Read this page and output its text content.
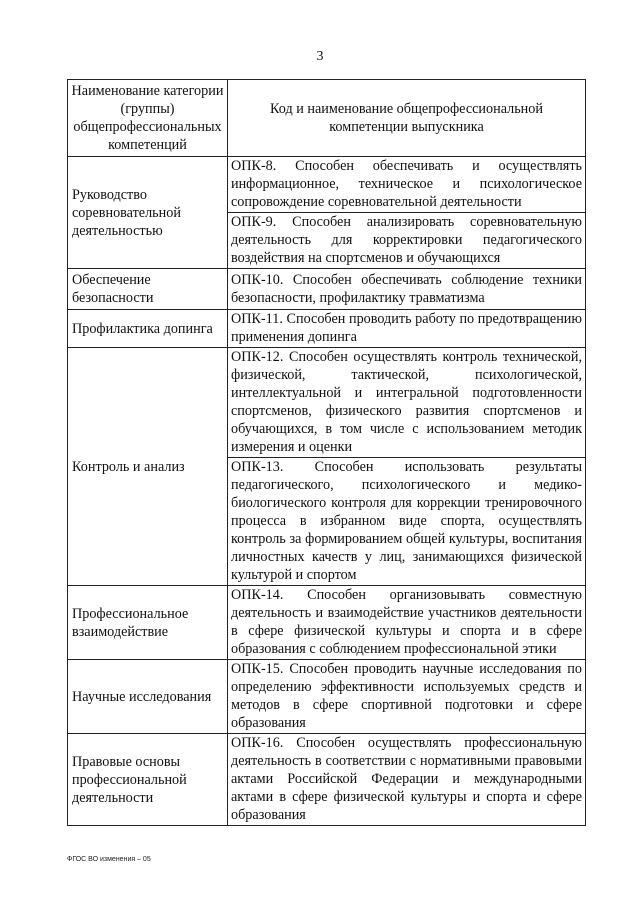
3
Наименование категории (группы) общепрофессиональных компетенций	Код и наименование общепрофессиональной компетенции выпускника
Руководство соревновательной деятельностью	ОПК-8. Способен обеспечивать и осуществлять информационное, техническое и психологическое сопровождение соревновательной деятельности
	ОПК-9. Способен анализировать соревновательную деятельность для корректировки педагогического воздействия на спортсменов и обучающихся
Обеспечение безопасности	ОПК-10. Способен обеспечивать соблюдение техники безопасности, профилактику травматизма
Профилактика допинга	ОПК-11. Способен проводить работу по предотвращению применения допинга
Контроль и анализ	ОПК-12. Способен осуществлять контроль технической, физической, тактической, психологической, интеллектуальной и интегральной подготовленности спортсменов, физического развития спортсменов и обучающихся, в том числе с использованием методик измерения и оценки
	ОПК-13. Способен использовать результаты педагогического, психологического и медико-биологического контроля для коррекции тренировочного процесса в избранном виде спорта, осуществлять контроль за формированием общей культуры, воспитания личностных качеств у лиц, занимающихся физической культурой и спортом
Профессиональное взаимодействие	ОПК-14. Способен организовывать совместную деятельность и взаимодействие участников деятельности в сфере физической культуры и спорта и в сфере образования с соблюдением профессиональной этики
Научные исследования	ОПК-15. Способен проводить научные исследования по определению эффективности используемых средств и методов в сфере спортивной подготовки и сфере образования
Правовые основы профессиональной деятельности	ОПК-16. Способен осуществлять профессиональную деятельность в соответствии с нормативными правовыми актами Российской Федерации и международными актами в сфере физической культуры и спорта и сфере образования
ФГОС ВО изменения – 05
